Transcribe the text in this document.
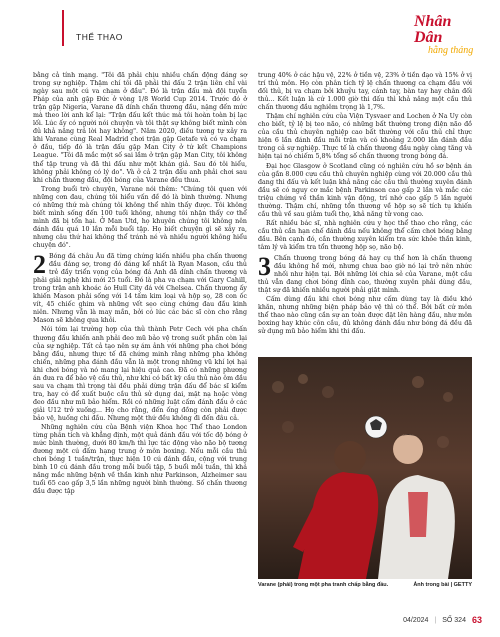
THỂ THAO
Nhân Dân
hằng tháng

bằng cả tính mạng. "Tôi đã phải chịu nhiều chấn động đáng sợ trong sự nghiệp. Thậm chí tôi đã phải thi đấu 2 trận liên chỉ vài ngày sau một cú va chạm ở đầu". Đó là trận đấu mà đội tuyển Pháp của anh gặp Đức ở vòng 1/8 World Cup 2014. Trước đó ở trận gặp Nigeria, Varane đã dính chấn thương đầu, nặng đến mức mà theo lời anh kể lại: "Trận đấu kết thúc mà tôi hoàn toàn bị lạc lối. Lúc ấy có người nói chuyện và tôi thật sự không biết mình còn đủ khả năng trả lời hay không". Năm 2020, điều tương tự xảy ra khi Varane cùng Real Madrid chơi trận gặp Getafe và có va chạm ở đầu, tiếp đó là trận đấu gặp Man City ở tứ kết Champions League. "Tôi đã mắc một số sai lầm ở trận gặp Man City, tôi không thể tập trung và đã thi đấu như một khán giả. Sau đó tôi hiểu, không phải không có lý do". Và ở cả 2 trận đấu anh phải chơi sau khi chấn thương đầu, đội bóng của Varane đều thua.

Trong buổi trò chuyện, Varane nói thêm: "Chúng tôi quen với những cơn đau, chúng tôi hiểu vấn đề đó là bình thường. Nhưng có những thứ mà chúng tôi không thể nhìn thấy được. Tôi không biết mình sống đến 100 tuổi không, nhưng tôi nhận thấy cơ thể mình đã bị tổn hại. Ở Man Utd, họ khuyên chúng tôi không nên đánh đầu quá 10 lần mỗi buổi tập. Họ biết chuyện gì sẽ xảy ra, nhưng câu thứ hai không thể tránh né và nhiều người không hiểu chuyện đó".

2 Bóng đá châu Âu đã từng chứng kiến nhiều pha chấn thương đầu đáng sợ, trong đó đáng kể nhất là Ryan Mason, cầu thủ trẻ đầy triển vọng của bóng đá Anh đã dính chấn thương và phải giải nghệ khi mới 25 tuổi. Đó là pha va chạm với Gary Cahill, trong trận anh khoác áo Hull City đá với Chelsea. Chấn thương ấy khiến Mason phải sống với 14 tấm kim loại và hộp sọ, 28 con ốc vít, 45 chiếc ghim và những vết sẹo cùng chứng đau đầu kinh niên. Nhưng vẫn là may mắn, bởi có lúc các bác sĩ còn cho rằng Mason sẽ không qua khỏi.

Nói tóm lại trường hợp của thủ thành Petr Cech với pha chấn thương đầu khiến anh phải đeo mũ bảo vệ trong suốt phần còn lại của sự nghiệp. Tất cả tạo nên sự ám ảnh với những pha chơi bóng bằng đầu, nhưng thực tế đã chứng minh rằng những pha không chiến, những pha đánh đầu vẫn là một trong những vũ khí lợi hại khi chơi bóng và nó mang lại hiệu quả cao. Đã có những phương án đưa ra để bảo vệ cầu thủ, như khi có bất kỳ cầu thủ nào ôm đầu sau va chạm thì trọng tài đều phải dừng trận đấu để bác sĩ kiểm tra, hay có để xuất buộc cầu thủ sử dụng dai, mặt nạ hoặc vòng đeo đầu như mũ bảo hiểm. Rồi có những luật cấm đánh đầu ở các giải U12 trở xuống... Họ cho rằng, đến ống đồng còn phải được bảo vệ, huống chi đầu. Nhưng một thứ đều không đi đến đâu cả.

Những nghiên cứu của Bệnh viện Khoa học Thể thao London từng phân tích và khẳng định, một quả đánh đầu với tốc độ bóng ở mức bình thường, dưới 80 km/h thì lực tác động vào não bộ tương đương một cú đấm hạng trung ở môn boxing. Nếu mỗi cầu thủ chơi bóng 1 tuần/trận, thực hiện 10 cú đánh đầu, cộng với trung bình 10 cú đánh đầu trong mỗi buổi tập, 5 buổi mỗi tuần, thì khả năng mắc những bệnh về thần kinh như Parkinson, Alzheimer sau tuổi 65 cao gấp 3,5 lần những người bình thường. Số chấn thương đầu được tập

trung 40% ở các hậu vệ, 22% ở tiền vệ, 23% ở tiền đạo và 15% ở vị trí thủ môn. Họ còn phân tích tỷ lệ chấn thương ca chạm đầu với đối thủ, bị va chạm bởi khuỷu tay, cánh tay, bàn tay hay chân đối thủ... Kết luận là cứ 1.000 giờ thi đấu thì khả năng một cầu thủ chấn thương đầu nghiêm trọng là 1,7%.

Thậm chí nghiên cứu của Viện Tysvaer and Lochen ở Na Uy còn cho biết, tỷ lệ bị teo não, có những bất thường trong điện não đồ của cầu thủ chuyên nghiệp cao bất thường với cầu thủ chỉ thực hiện 6 lần đánh đầu mỗi trận và có khoảng 2.000 lần đánh đầu trong cả sự nghiệp. Thực tế là chấn thương đầu ngày càng tăng và hiện tại nó chiếm 5,8% tổng số chấn thương trong bóng đá.

Đại học Glasgow ở Scotland cũng có nghiên cứu hồ sơ bệnh án của gần 8.000 cựu cầu thủ chuyên nghiệp cùng với 20.000 cầu thủ đang thi đấu và kết luận khả năng các cầu thủ thường xuyên đánh đầu sẽ có nguy cơ mắc bệnh Parkinson cao gấp 2 lần và mắc các triệu chứng về thần kinh vận động, trí nhớ cao gấp 5 lần người thường. Thậm chí, những tổn thương về hộp sọ sẽ tích tụ khiến cầu thủ về sau giảm tuổi thọ, khả năng tử vong cao.

Rất nhiều bác sĩ, nhà nghiên cứu y học thể thao cho rằng, các cầu thủ cần hạn chế đánh đầu nếu không thể cấm chơi bóng bằng đầu. Bên cạnh đó, cần thường xuyên kiểm tra sức khỏe thần kinh, tâm lý và kiểm tra tổn thương hộp sọ, não bộ.

3 Chấn thương trong bóng đá hay cụ thể hơn là chấn thương đầu không hề mới, nhưng chưa bao giờ nó lại trở nên nhức nhối như hiện tại. Bởi những lời chia sẻ của Varane, một cầu thủ vẫn đang chơi bóng đỉnh cao, thường xuyên phải dùng đầu, thật sự đã khiến nhiều người phải giật mình.

Cấm dùng đầu khi chơi bóng như cấm dùng tay là điều khó khăn, nhưng những biện pháp bảo vệ thì có thể. Bởi bất cứ môn thể thao nào cũng cần sự an toàn được đặt lên hàng đầu, như môn boxing hay khúc côn cầu, đủ không đánh đầu như bóng đá đều đã sử dụng mũ bảo hiểm khi thi đấu.

Varane (phải) trong một pha tranh chấp bằng đầu.	Ảnh trong bài | GETTY
04/2024 | SỐ 324 63
